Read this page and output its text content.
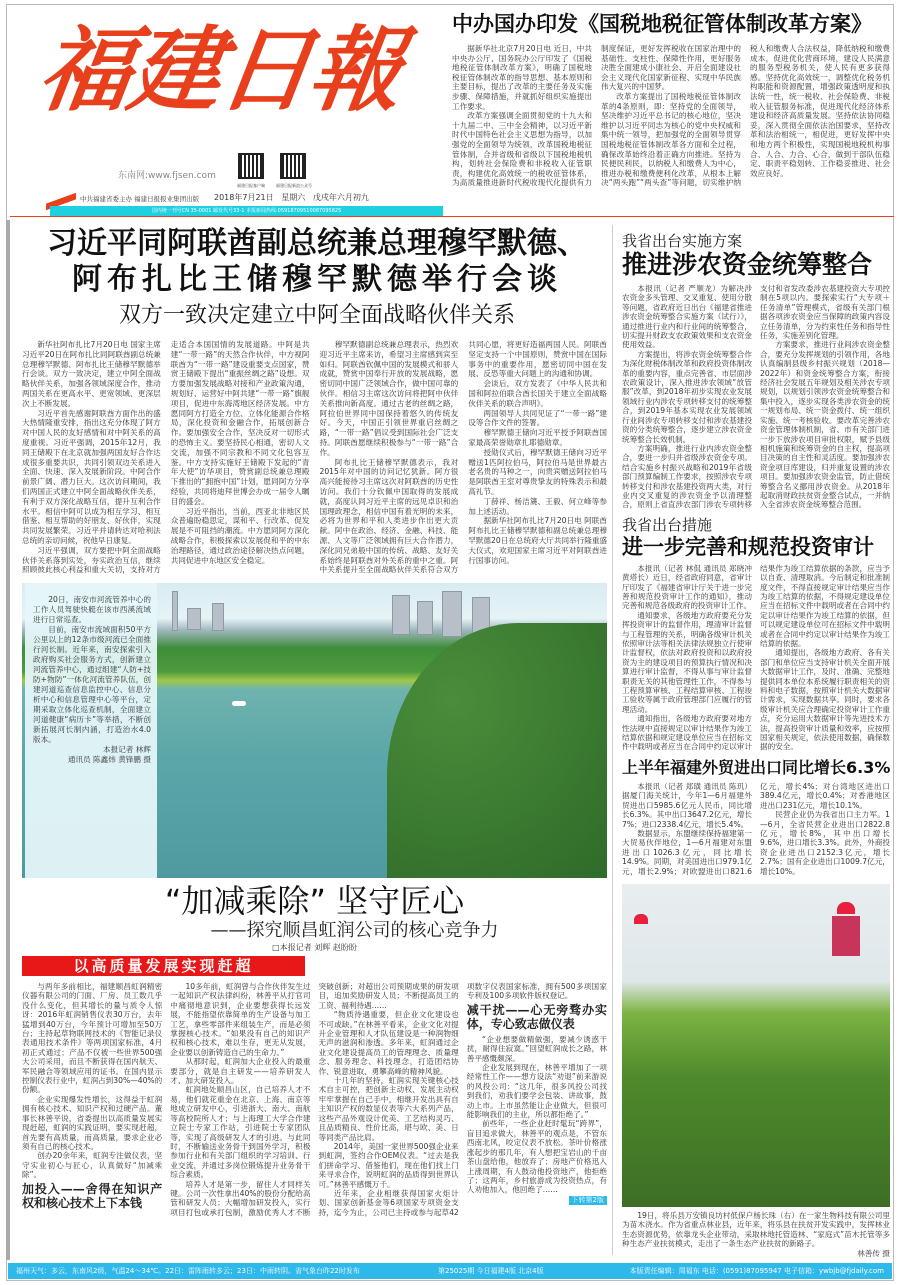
福建日報
东南网:www.fjsen.com
福建日报客户端	福建日报新浪公众号
中共福建省委主办 福建日报报业集团出版 2018年7月21日 星期六 戊戌年六月初九
国内统一刊号CN 35-0001 邮发代号33-1 本报新闻热线:05918709510087095825
中办国办印发《国税地税征管体制改革方案》

据新华社北京7月20日电 近日，中共中央办公厅、国务院办公厅印发了《国税地税征管体制改革方案》，明确了国税地税征管体制改革的指导思想、基本原则和主要目标，提出了改革的主要任务及实施步骤、保障措施，并就抓好组织实施提出工作要求。

改革方案强调全面贯彻党的十九大和十九届二中、三中全会精神，以习近平新时代中国特色社会主义思想为指导，以加强党的全面领导为统领，改革国税地税征管体制，合并省级和省级以下国税地税机构，划转社会保险费和非税收入征管职责，构建优化高效统一的税收征管体系，为高质量推进新时代税收现代化提供有力制度保证，更好发挥税收在国家治理中的基础性、支柱性、保障性作用，更好服务决胜全面建成小康社会、开启全面建设社会主义现代化国家新征程、实现中华民族伟大复兴的中国梦。

改革方案提出了国税地税征管体制改革的4条原则，即：坚持党的全面领导，坚决维护习近平总书记的核心地位，坚决维护以习近平同志为核心的党中央权威和集中统一领导，把加强党的全面领导贯穿国税地税征管体制改革各方面和全过程，确保改革始终沿着正确方向推进。坚持为民便民利民，以纳税人和缴费人为中心，推进办税和缴费便利化改革，从根本上解决“两头跑”“两头查”等问题，切实维护纳税人和缴费人合法权益，降低纳税和缴费成本，促进优化营商环境，建设人民满意的服务型税务机关，使人民有更多获得感。坚持优化高效统一，调整优化税务机构职能和资源配置，增强政策透明度和执法统一性，统一税收、社会保险费、非税收入征管服务标准，促进现代化经济体系建设和经济高质量发展。坚持依法协同稳妥，深入贯彻全面依法治国要求，坚持改革和法治相统一，相促进，更好发挥中央和地方两个积极性，实现国税地税机构事合、人合、力合、心合，做到干部队伍稳定、职责平稳划转、工作稳妥推进、社会效应良好。

习近平同阿联酋副总统兼总理穆罕默德、
阿布扎比王储穆罕默德举行会谈
双方一致决定建立中阿全面战略伙伴关系

新华社阿布扎比7月20日电 国家主席习近平20日在阿布扎比同阿联酋副总统兼总理穆罕默德、阿布扎比王储穆罕默德举行会谈。双方一致决定，建立中阿全面战略伙伴关系，加强各领域深度合作，推动两国关系在更高水平、更宽领域、更深层次上不断发展。

习近平首先感谢阿联酋方面作出的盛大热情隆重安排，指出这充分体现了阿方对中国人民的友好感情和对中阿关系的高度重视。习近平强调，2015年12月，我同王储殿下在北京就加强两国友好合作达成很多重要共识，共同引领双边关系进入全面、快速、深入发展新阶段。中阿合作前景广阔、潜力巨大。这次访问期间，我们两国正式建立中阿全面战略伙伴关系，有利于双方深化战略互信，提升互利合作水平。相信中阿可以成为相互学习、相互借鉴、相互帮助的好朋友、好伙伴，实现共同发展繁荣。习近平并请转达对哈利法总统的亲切问候，祝他早日康复。

习近平强调，双方要把中阿全面战略伙伴关系落到实处，夯实政治互信，继续照顾彼此核心利益和重大关切，支持对方走适合本国国情的发展道路。中阿是共建“一带一路”的天然合作伙伴，中方视阿联酋为“一带一路”建设重要支点国家，赞赏王储殿下提出“重振丝绸之路”设想。双方要加强发展战略对接和产业政策沟通，规划好、运营好中阿共建“一带一路”旗舰项目，促进中东海湾地区经济发展。中方愿同阿方打造全方位、立体化能源合作格局，深化投资和金融合作，拓展创新合作。要加强安全合作，坚决反对一切形式的恐怖主义。要坚持民心相通，密切人文交流，加强不同宗教和不同文化包容互鉴。中方支持实施好王储殿下发起的“青年大使”访华项目，赞赏副总统兼总理殿下推出的“拥抱中国”计划，愿同阿方分享经验，共同将迪拜世博会办成一届令人瞩目的盛会。

习近平指出，当前，西亚北非地区民众普遍盼稳思定，谋和平、行改革、促发展是不可阻挡的潮流。中方愿同阿方深化战略合作，积极探索以发展促和平的中东治理路径，通过政治途径解决热点问题，共同促进中东地区安全稳定。

穆罕默德副总统兼总理表示，热烈欢迎习近平主席来访，希望习主席感到宾至如归。阿联酋钦佩中国的发展模式和骄人成就，赞赏中国奉行开放的发展战略，愿密切同中国广泛领域合作，做中国可靠的伙伴。相信习主席这次访问将把阿中伙伴关系推向新高度。通过古老的丝绸之路，阿拉伯世界同中国保持着悠久的传统友好。今天，中国正引领世界重启丝绸之路，“一带一路”倡议受到国际社会广泛支持。阿联酋愿继续积极参与“一带一路”合作。

阿布扎比王储穆罕默德表示，我对2015年对中国的访问记忆犹新。阿方很高兴能接待习主席这次对阿联酋的历史性访问。我们十分钦佩中国取得的发展成就，高度认同习近平主席的远见卓识和治国理政理念，相信中国有着光明的未来，必将为世界和平和人类进步作出更大贡献。阿中在政治、经济、金融、科技、能源、人文等广泛领域拥有巨大合作潜力，深化同兄弟般中国的传统、战略、友好关系始终是阿联酋对外关系的重中之重。阿中关系提升至全面战略伙伴关系符合双方共同心愿，将更好造福两国人民。阿联酋坚定支持一个中国原则，赞赏中国在国际事务中的重要作用，愿密切同中国在发展、反恐等重大问题上的沟通和协调。

会谈后，双方发表了《中华人民共和国和阿拉伯联合酋长国关于建立全面战略伙伴关系的联合声明》。

两国领导人共同见证了“一带一路”建设等合作文件的签署。

穆罕默德王储向习近平授予阿联酋国家最高荣誉勋章扎耶德勋章。

授勋仪式后，穆罕默德王储向习近平赠送1匹阿拉伯马，阿拉伯马是世界最古老名贵的马种之一，向贵宾赠送阿拉伯马是阿联酋王室对尊贵挚友的特殊表示和最高礼节。

丁薛祥、杨洁篪、王毅、何立峰等参加上述活动。

据新华社阿布扎比7月20日电 阿联酋阿布扎比王储穆罕默德和副总统兼总理穆罕默德20日在总统府大厅共同举行隆重盛大仪式，欢迎国家主席习近平对阿联酋进行国事访问。

20日，南安市河流管养中心的工作人员驾驶快艇在该市西溪流域进行日常巡查。

目前，南安市流域面积50平方公里以上的12条市级河流已全面推行河长制。近年来，南安探索引入政府购买社会服务方式，创新建立河流管养中心，通过组建“人防+技防+物防”一体化河流管养队伍，创建河道巡查信息监控中心、信息分析中心和信息管理中心等平台，定期采取立体化巡查机制，全面建立河道健康“病历卡”等举措，不断创新拓展河长制内涵，打造治水4.0版本。

本报记者 林辉
通讯员 陈鑫炜 黄锋鹏 摄
我省出台实施方案
推进涉农资金统筹整合

本报讯（记者 严顺龙）为解决涉农资金多头管理、交叉重复、使用分散等问题，省政府近日出台《福建省推进涉农资金统筹整合实施方案（试行）》，通过推进行业内和行业间的统筹整合，切实提升财政支农政策效果和支农资金使用效益。

方案提出，将涉农资金统筹整合作为深化财税体制改革和政府投资体制改革的重要内容，重点完善省、市层面涉农政策设计，深入推进涉农领域“放管服”改革，到2018年初步实现农业发展领域行业内涉农专项转移支付的统筹整合，到2019年基本实现农业发展领域行业间涉农专项转移支付和涉农基建投资的分类统筹整合，逐步建立涉农资金统筹整合长效机制。

方案明确，推进行业内涉农资金整合，要进一步归并省级涉农资金专项。结合实施乡村振兴战略和2019年省级部门预算编制工作要求，按照涉农专项转移支付和涉农基建投资两大类，对行业内交叉重复的涉农资金予以清理整合，原则上省直涉农部门涉农专项转移支付和省发改委涉农基建投资大专项控制在5项以内。要探索实行“大专项＋任务清单”管理模式，省级有关部门根据各项涉农资金应当保障的政策内容设立任务清单，分为约束性任务和指导性任务，实施差别化管理。

方案要求，推进行业间涉农资金整合，要充分发挥规划的引领作用，各地认真编制县级乡村振兴规划（2018—2022年）和资金统筹整合方案，衔接经济社会发展五年规划及相关涉农专项规划，以规划引领涉农资金统筹整合和集中投入，逐步实现各类涉农资金的统一规划布局、统一资金拨付、统一组织实施、统一考核验收。要改革完善涉农资金管理体制机制，省、市有关部门进一步下放涉农项目审批权限，赋予县级相机施策和统筹资金的自主权，提高项目决策的自主性和灵活度。要加强涉农资金项目库建设，归并重复设置的涉农项目。要加强涉农资金监管，防止借统筹整合名义挪用涉农资金。从2018年起取消财政扶贫资金整合试点，一并纳入全省涉农资金统筹整合范围。

我省出台措施
进一步完善和规范投资审计

本报讯（记者 林侃 通讯员 郑晓冲 黄塔长）近日，经省政府同意，省审计厅印发了《福建省审计厅关于进一步完善和规范投资审计工作的通知》，推动完善和规范各级政府的投资审计工作。

通知要求，各级地方政府要充分发挥投资审计的监督作用，理清审计监督与工程管理的关系，明确各级审计机关依照审计法等相关法律法规独立行使审计监督权，依法对政府投资和以政府投资为主的建设项目的预算执行情况和决算进行审计监督，不得从事与审计监督职责无关的其他管理性工作，不得参与工程预算审核、工程结算审核、工程竣工验收等属于政府管理部门应履行的管理活动。

通知指出，各级地方政府要对地方性法规中直接规定以审计结果作为竣工结算依据和规定建设单位应当在招标文件中载明或者应当在合同中约定以审计结果作为竣工结算依据的条款，应当予以自查、清理取消。今后制定和批准制度文件，不得直接规定审计结果应当作为竣工结算的依据，不得规定建设单位应当在招标文件中载明或者在合同中约定以审计结果作为竣工结算的依据，但可以规定建设单位可在招标文件中载明或者在合同中约定以审计结果作为竣工结算的依据。

通知提出，各级地方政府、各有关部门和单位应当支持审计机关全面开展大数据审计工作，及时、准确、完整地提供同本单位本系统履行职责相关的资料和电子数据，按照审计机关大数据审计需求，实现数据共享。同时，要求各级审计机关应合理确定投资审计工作重点，充分运用大数据审计等先进技术方法，提高投资审计质量和效率，应按照国家相关规定，依法使用数据，确保数据的安全。

上半年福建外贸进出口同比增长6.3%

本报讯（记者 郑璜 通讯员 陈玑）据厦门海关统计，今年1—6月福建外贸进出口5985.6亿元人民币，同比增长6.3%。其中出口3647.2亿元，增长7%；进口2338.4亿元，增长5.4%。

数据显示，东盟继续保持福建第一大贸易伙伴地位，1—6月福建对东盟进出口1026.3亿元，同比增长14.9%。同期，对美国进出口979.1亿元，增长2.9%；对欧盟进出口821.6亿元，增长4%；对台湾地区进出口389.4亿元，增长0.4%；对香港地区进出口231亿元，增长10.1%。

民营企业仍为我省出口主力军。1—6月，全省民营企业进出口2822.8亿元，增长8%，其中出口增长9.6%，进口增长3.3%。此外，外商投资企业进出口2152.3亿元，增长2.7%；国有企业进出口1009.7亿元，增长10%。

19日，将乐县万安镇良坊村低保户杨长珠（右）在一家生物科技有限公司里为苗木浇水。作为省重点林业县，近年来，将乐县在扶贫开发实践中，发挥林业生态资源优势，依靠龙头企业带动，采取林地托管造林、“家庭式”苗木托管等多种生态产业扶贫模式，走出了一条生态产业扶贫的新路子。

林善传 摄
“加减乘除” 坚守匠心
——探究顺昌虹润公司的核心竞争力
□本报记者 刘辉 赵盼盼
以高质量发展实现赶超

与两年多前相比，福建顺昌虹润精密仪器有限公司的门面、厂房、员工数几乎没什么变化，但其增长的量与质令人惊讶：2016年虹润销售仪表30万台，去年猛增到40万台，今年预计可增加至50万台；主持起草物联网技术的《智能记录仪表通用技术条件》等两项国家标准，4月初正式通过；产品不仅被一些世界500强大公司采用，而且不断获得在国内航天、军民融合等领域应用的证书。在国内显示控制仪表行业中，虹润占到30%—40%的份额。

企业实现爆发性增长，这得益于虹润拥有核心技术、知识产权和过硬产品。董事长林善平说，省委提出以高质量发展实现赶超，虹润的实践证明，要实现赶超，首先要有高质量，而高质量，要求企业必须有自己的核心技术。

创办20余年来，虹润专注做仪表，坚守实业初心与匠心，认真做好“加减乘除”。

加投入——舍得在知识产权和核心技术上下本钱

10多年前，虹润曾与合作伙伴发生过一起知识产权法律纠纷，林善平从打官司中痛彻地意识到，企业要想获得长远发展，不能指望依靠简单的生产设备与加工工艺，拿些零部件来组装生产，而是必须掌握核心技术。“如果没有自己的知识产权和核心技术，难以生存，更无从发展，企业要以创新铸造自己的生命力。”

从那时起，虹润加大企业投入的最重要部分，就是自主研发——培养研发人才、加大研发投入。

虹润地处顺昌山区，自己培养人才不易，他们就花重金在北京、上海、南京等地成立研发中心，引进浙大、南大、南航等高校院所人才；与上海理工大学合作建立院士专家工作站，引进院士专家团队等，实现了高级研发人才的引进。与此同时，不断输送业务骨干到国外学习，积极参加行业和有关部门组织的学习培训、行业交流，并通过多岗位锻炼提升业务骨干综合素质。

培养人才是第一步，留住人才同样关键。公司一次性拿出40%的股份分配给高管和研发人员；大幅增加研发投入，实行项目打包或承打包制，激励优秀人才不断突破创新；对超出公司预期成果的研发项目，追加奖励研发人员；不断提高员工的工资、福利待遇……

“物质待遇重要，但企业文化建设也不可或缺。”在林善平看来，企业文化对提升企业管理和人才队伍建设是一种润物细无声的滋润和渗透。多年来，虹润通过企业文化建设提高员工的管理理念、质量理念、服务理念、科技理念，打造团结协作、锐意进取、勇攀高峰的精神风貌。

十几年的坚持，虹润实现关键核心技术自主可控，把创新主动权、发展主动权牢牢掌握在自己手中，相继开发出具有自主知识产权的数显仪表等六大系列产品，这些产品外观设计优美、工艺结构灵巧、且品质精良、性价比高，堪与欧、美、日等同类产品比肩。

2014年，美国一家世界500强企业来到虹润，签约合作OEM仪表。“过去是我们拼命学习、借鉴他们，现在他们找上门来寻求合作，说明虹润的品质得到世界认可。”林善平感慨万千。

近年来，企业相继获得国家火炬计划、国家创新基金等6项国家专项资金支持，迄今为止，公司已主持或参与起草42项数字仪表国家标准，拥有500多项国家专利及100多项软件版权登记。

减干扰——心无旁骛办实体，专心致志做仪表

“企业想要做精做强，要减少诱惑干扰，耐得住寂寞。”回望虹润成长之路，林善平感慨颇深。

企业发展到现在，林善平增加了一项经常性工作——想方设法“劝退”前来游说的风投公司：“这几年，很多风投公司找到我们，劝我们要学会包装、讲故事，鼓动上市。上市虽然能让企业做大，但很可能影响我们的主业，所以都拒绝了。”

前些年，一些企业赶时髦玩“跨界”，盲目追求做大，林善平的观点是，不管东西南北风，咬定仪表不放松。茶叶价格涨涨起步的那几年，有人想把宝岩山的千亩茶山盘给他，他放弃了；房地产价格迅入上涨周期，有人鼓动他投资地产，他拒绝了；这两年，乡村旅游成为投资热点，有人劝他加入，他回绝了……

下转第2版
福州天气：多云，东南风2级，气温24～34℃。22日：雷阵雨转多云；23日：中雨转阴。省气象台昨22时发布	第25025期 今日福建4版 北京4版	本版责任编辑：周福东 电话：(0591)87095947 电子信箱：ywbjb@fjdaily.com
